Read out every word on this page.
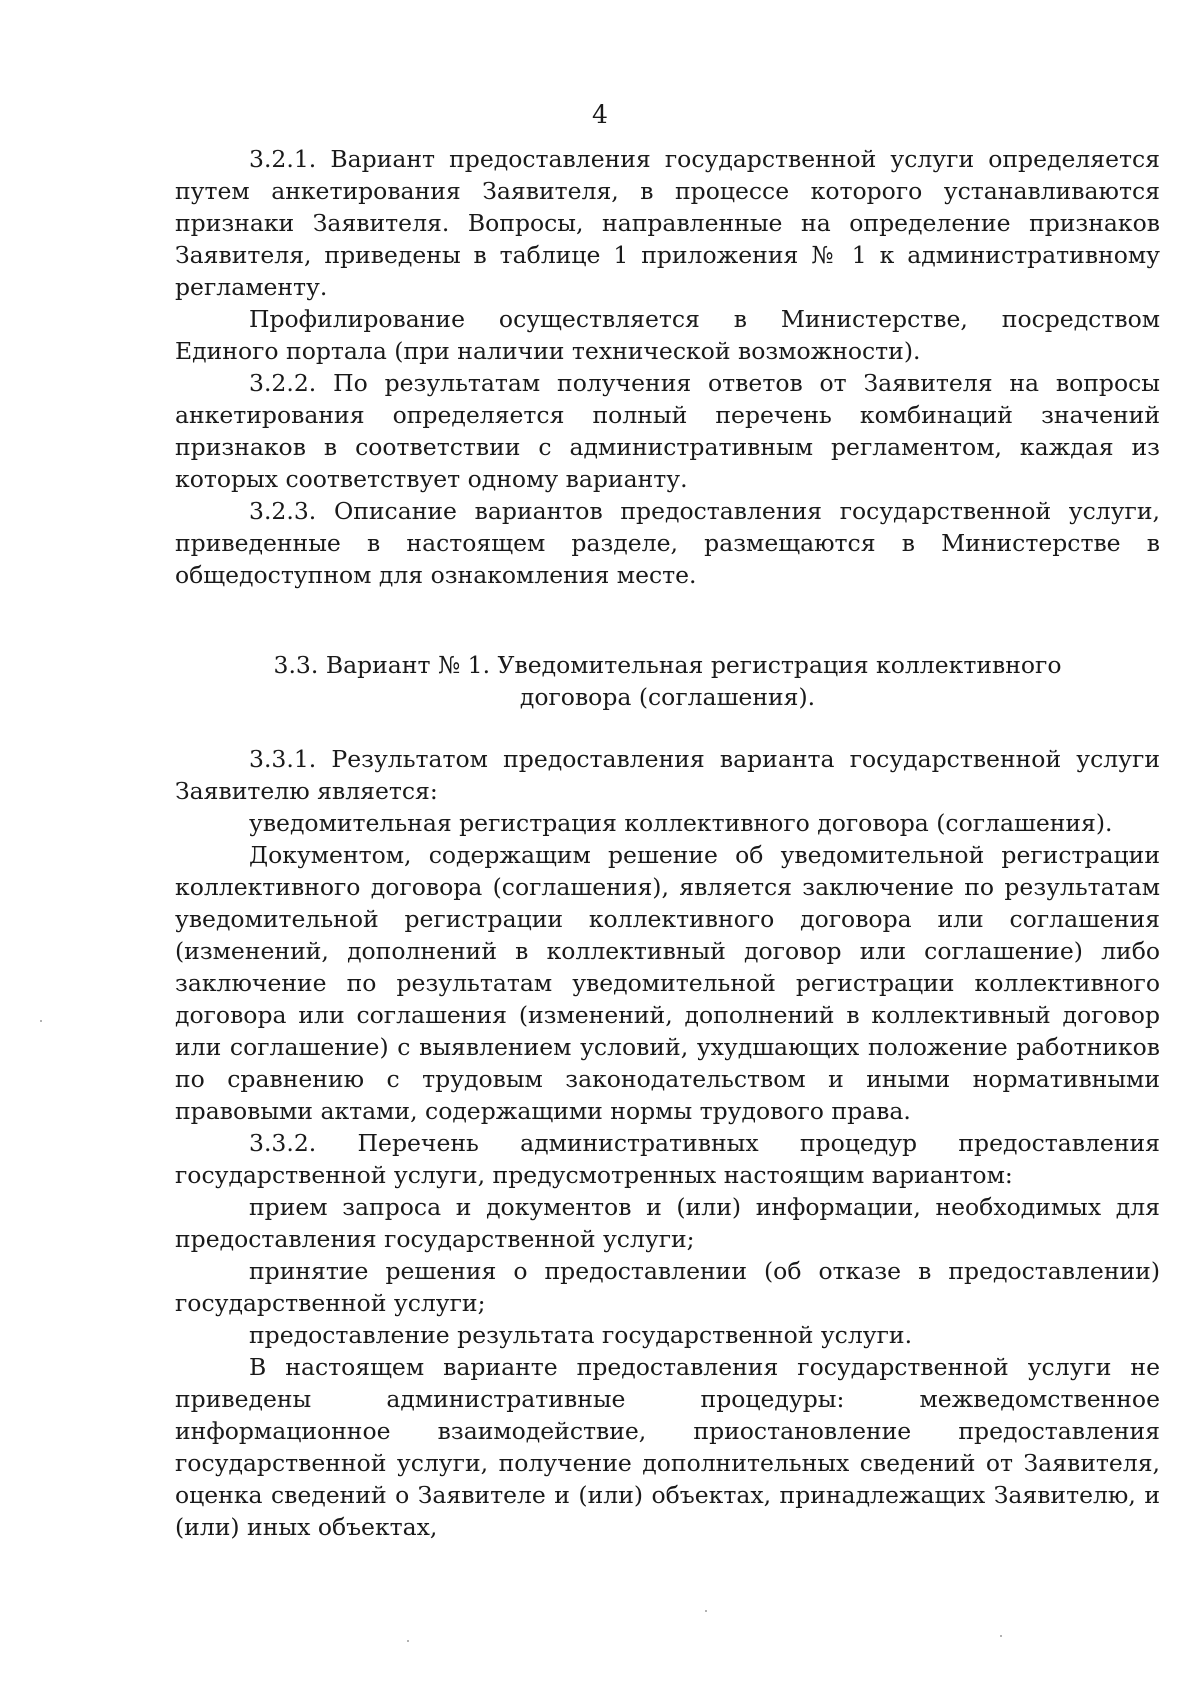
4

3.2.1. Вариант предоставления государственной услуги определяется путем анкетирования Заявителя, в процессе которого устанавливаются признаки Заявителя. Вопросы, направленные на определение признаков Заявителя, приведены в таблице 1 приложения № 1 к административному регламенту.

Профилирование осуществляется в Министерстве, посредством Единого портала (при наличии технической возможности).

3.2.2. По результатам получения ответов от Заявителя на вопросы анкетирования определяется полный перечень комбинаций значений признаков в соответствии с административным регламентом, каждая из которых соответствует одному варианту.

3.2.3. Описание вариантов предоставления государственной услуги, приведенные в настоящем разделе, размещаются в Министерстве в общедоступном для ознакомления месте.

3.3. Вариант № 1. Уведомительная регистрация коллективного договора (соглашения).

3.3.1. Результатом предоставления варианта государственной услуги Заявителю является:

уведомительная регистрация коллективного договора (соглашения).

Документом, содержащим решение об уведомительной регистрации коллективного договора (соглашения), является заключение по результатам уведомительной регистрации коллективного договора или соглашения (изменений, дополнений в коллективный договор или соглашение) либо заключение по результатам уведомительной регистрации коллективного договора или соглашения (изменений, дополнений в коллективный договор или соглашение) с выявлением условий, ухудшающих положение работников по сравнению с трудовым законодательством и иными нормативными правовыми актами, содержащими нормы трудового права.

3.3.2. Перечень административных процедур предоставления государственной услуги, предусмотренных настоящим вариантом:

прием запроса и документов и (или) информации, необходимых для предоставления государственной услуги;

принятие решения о предоставлении (об отказе в предоставлении) государственной услуги;

предоставление результата государственной услуги.

В настоящем варианте предоставления государственной услуги не приведены административные процедуры: межведомственное информационное взаимодействие, приостановление предоставления государственной услуги, получение дополнительных сведений от Заявителя, оценка сведений о Заявителе и (или) объектах, принадлежащих Заявителю, и (или) иных объектах,
